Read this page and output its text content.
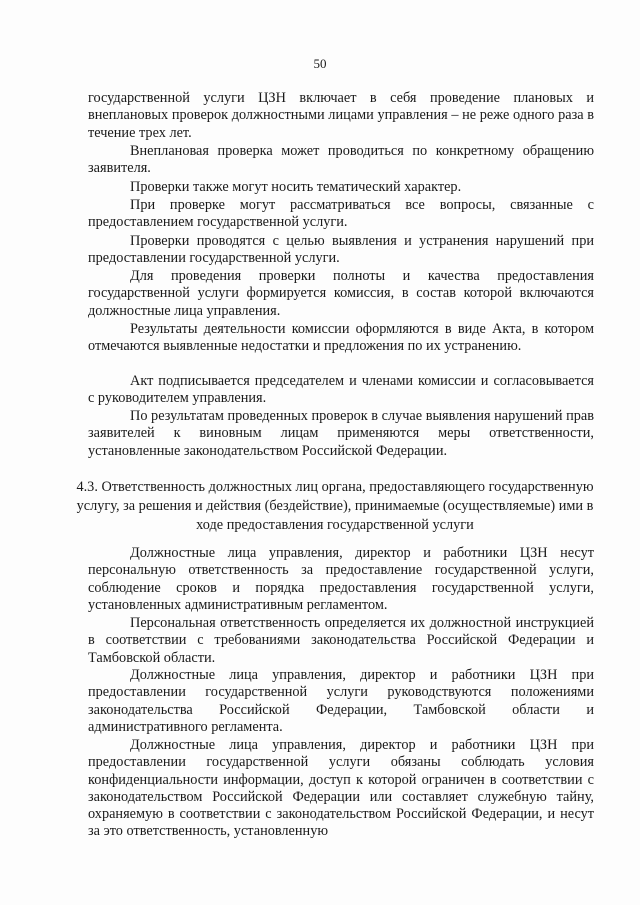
50

государственной услуги ЦЗН включает в себя проведение плановых и внеплановых проверок должностными лицами управления – не реже одного раза в течение трех лет.

Внеплановая проверка может проводиться по конкретному обращению заявителя.

Проверки также могут носить тематический характер.

При проверке могут рассматриваться все вопросы, связанные с предоставлением государственной услуги.

Проверки проводятся с целью выявления и устранения нарушений при предоставлении государственной услуги.

Для проведения проверки полноты и качества предоставления государственной услуги формируется комиссия, в состав которой включаются должностные лица управления.

Результаты деятельности комиссии оформляются в виде Акта, в котором отмечаются выявленные недостатки и предложения по их устранению.

Акт подписывается председателем и членами комиссии и согласовывается с руководителем управления.

По результатам проведенных проверок в случае выявления нарушений прав заявителей к виновным лицам применяются меры ответственности, установленные законодательством Российской Федерации.

4.3. Ответственность должностных лиц органа, предоставляющего государственную услугу, за решения и действия (бездействие), принимаемые (осуществляемые) ими в ходе предоставления государственной услуги

Должностные лица управления, директор и работники ЦЗН несут персональную ответственность за предоставление государственной услуги, соблюдение сроков и порядка предоставления государственной услуги, установленных административным регламентом.

Персональная ответственность определяется их должностной инструкцией в соответствии с требованиями законодательства Российской Федерации и Тамбовской области.

Должностные лица управления, директор и работники ЦЗН при предоставлении государственной услуги руководствуются положениями законодательства Российской Федерации, Тамбовской области и административного регламента.

Должностные лица управления, директор и работники ЦЗН при предоставлении государственной услуги обязаны соблюдать условия конфиденциальности информации, доступ к которой ограничен в соответствии с законодательством Российской Федерации или составляет служебную тайну, охраняемую в соответствии с законодательством Российской Федерации, и несут за это ответственность, установленную
